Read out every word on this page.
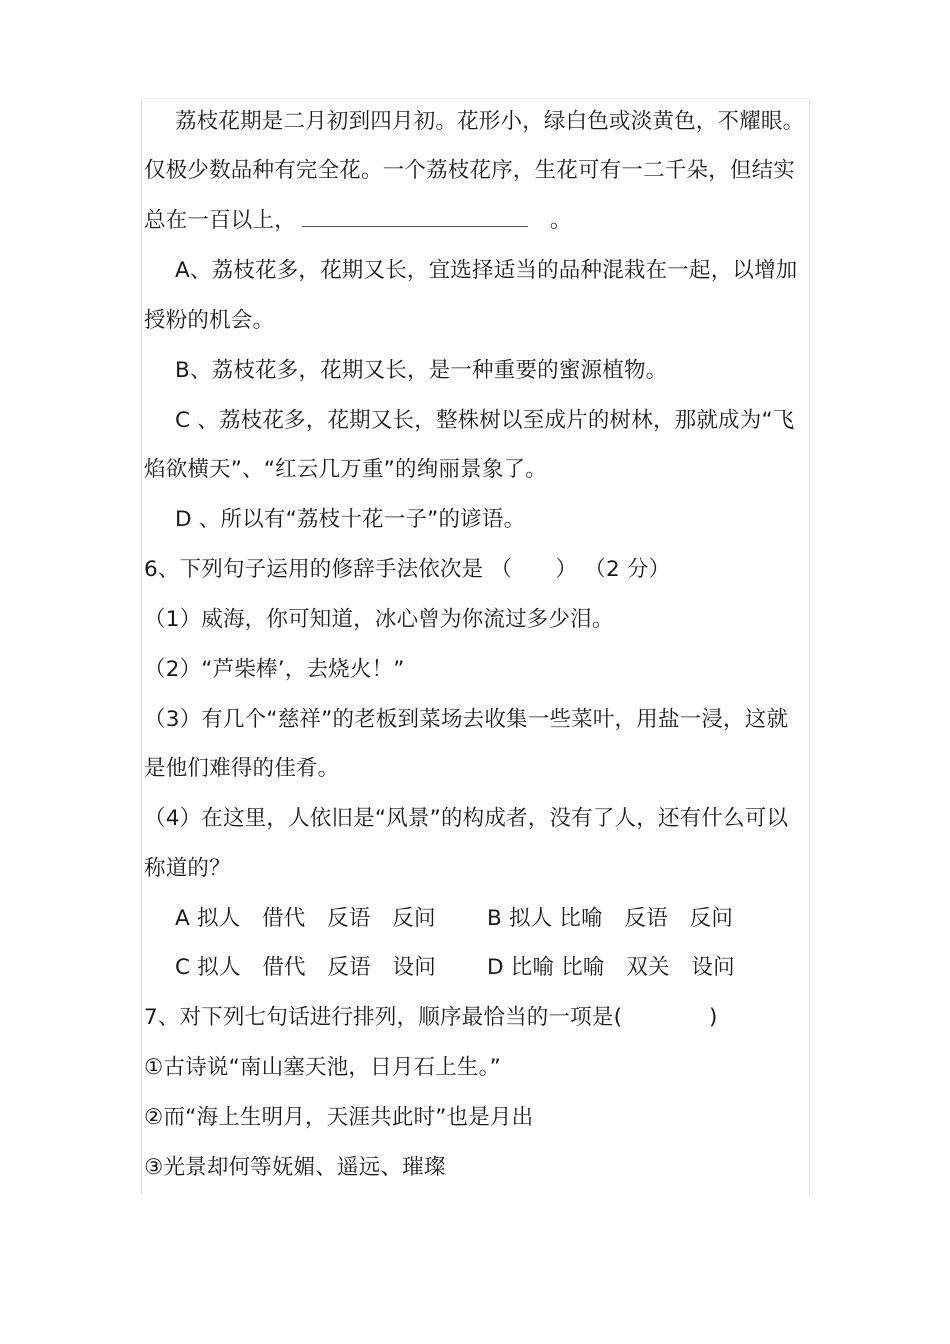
荔枝花期是二月初到四月初。花形小，绿白色或淡黄色，不耀眼。
仅极少数品种有完全花。一个荔枝花序，生花可有一二千朵，但结实
总在一百以上，	。
A、荔枝花多，花期又长，宜选择适当的品种混栽在一起，以增加
授粉的机会。
B、荔枝花多，花期又长，是一种重要的蜜源植物。
C 、荔枝花多，花期又长，整株树以至成片的树林，那就成为“飞
焰欲横天”、“红云几万重”的绚丽景象了。
D 、所以有“荔枝十花一子”的谚语。
6、下列句子运用的修辞手法依次是 （　　） （2 分）
（1）威海，你可知道，冰心曾为你流过多少泪。
（2）“芦柴棒’，去烧火！”
（3）有几个“慈祥”的老板到菜场去收集一些菜叶，用盐一浸，这就
是他们难得的佳肴。
（4）在这里，人依旧是“风景”的构成者，没有了人，还有什么可以
称道的？
A 拟人　借代　反语　反问 B 拟人 比喻　反语　反问
C 拟人　借代　反语　设问 D 比喻 比喻　双关　设问
7、对下列七句话进行排列，顺序最恰当的一项是(　　　　)
①古诗说“南山塞天池，日月石上生。”
②而“海上生明月，天涯共此时”也是月出
③光景却何等妩媚、遥远、璀璨
